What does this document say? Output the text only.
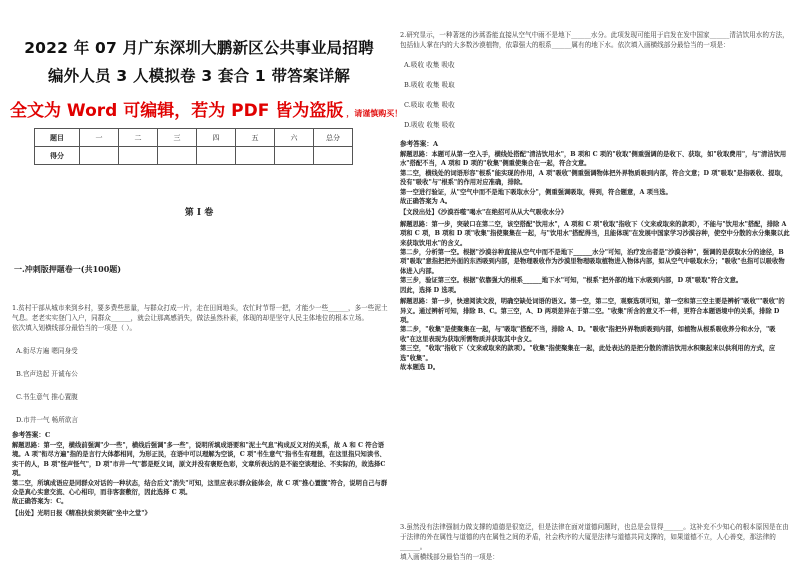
2022 年 07 月广东深圳大鹏新区公共事业局招聘
编外人员 3 人模拟卷 3 套合 1 带答案详解
全文为 Word 可编辑，若为 PDF 皆为盗版 ，请谨慎购买！
题目	一	二	三	四	五	六	总分
得分							
第 I 卷
一.冲刺版押题卷一(共100题)
1.贫村干部从城市来到乡村，要多费些思量，与群众打成一片，走在田间地头，农忙时节帮一把，才能少一些______，多一些泥土气息。老老实实登门入户，同群众______，就会让那离感消失，做法虽然朴素，体现的却是坚守人民主体地位的根本立场。
依次填入划横线部分最恰当的一项是（ ）。
A.衔尽方遍 嗯同身受
B.官声迭起 开诚布公
C.书生意气 推心置腹
D.市井一气 畅所欲言
参考答案：C
解题思路：第一空，横线前强调"少一些"，横线后强调"多一些"，说明所填成语要和"泥土气息"构成反义对的关系，故 A 和 C 符合语境。A 项"衔尽方遍"指的是言行大体都相同，为形正民，在语中可以理解为空谈，C 项"书生意气"指书生有理想，在这里指只知读书、实干的人，B 项"怪声怪气"，D 项"市井一气"都是贬义词，原文并没有褒贬色彩，文章所表达的是不能空谈理论、不实际的，故选择C项。
第二空，所填成语应是同群众对话的一种状态，结合后文"消失"可知，这里应表示群众能体会，故 C 项"推心置腹"符合，说明自己与群众是真心实意交流、心心相印，而非客套敷衍，因此选择 C 项。
故正确答案为：C。
【出处】光明日报《精准扶贫须突破"坐中之堂"》
2.研究显示，一种著迷的沙蒿香能直接从空气中雨不是地下______水分。此项发现可能用于启发在发中国家______清洁饮用水的方法，包括仙人掌在内的大多数沙漠植物，依靠强大的根系______属有的地下水。依次填入画横线部分最恰当的一项是：
A.吸收 收集 吸收
B.吸收 收集 吸取
C.吸取 收集 吸收
D.吸收 收集 吸收
参考答案：A
解题思路：本题可从第一空入手，横线处搭配"清洁饮用水"，B 项和 C 项的"收取"侧重强调的是收下、获取，如"收取费用"，与"清洁饮用水"搭配不当，A 项和 D 项的"收集"侧重使集合在一起，符合文意。
第二空，横线处的词语形容"根系"能实现的作用，A 项"吸收"侧重强调物体把外界物质吸到内部，符合文意；D 项"吸取"是指吸收、提取，没有"吸收"与"根系"的作用对应准确，排除。
第一空进行验证，从"空气中而不是地下吸取水分"，侧重强调吸取，得到，符合题意，A 项当选。
故正确答案为 A。
【文段出处】《沙漠吞噬"喝水"在绝招可从从大气吸收水分》
解题思路：第一步，突破口在第二空，该空搭配"饮用水"，A 项和 C 项"收取"指收下（文来或取来的款项），不能与"饮用水"搭配，排除 A 项和 C 项，B 项和 D 项"收集"指使聚集在一起，与"饮用水"搭配得当，且能体现"在发展中国家学习沙漠谷种，使空中分散的水分集聚以此来获取饮用水"的含义。
第二步，分析第一空。根据"沙漠谷种直接从空气中而不是地下______水分"可知，治疗发出者是"沙漠谷种"，强调的是获取水分的途径，B 项"吸取"意指把把外面的东西吸到内部，是物理吸收作为沙漠里物理吸取植物进入物体内部，如从空气中吸取水分；"吸收"也指可以吸收物体进入内部。
第三步，验证第三空。根据"依靠强大的根系______地下水"可知，"根系"把外部的地下水吸到内部，D 项"吸取"符合文意。
因此，选择 D 选项。
解题思路：第一步，快速阅读文段，明确空缺处词语的语义。第一空，第二空，观察选项可知，第一空和第三空主要是辨析"吸收""吸收"的异义。通过辨析可知，排除 B、C。第三空，A、D 两项差异在于第二空。"收集"所含的意义不一样，更符合本题语境中的关系，排除 D 项。
第二步，"收集"是使聚集在一起，与"吸取"搭配不当，排除 A、D。"吸收"指把外界物质吸到内部，如植物从根系吸收养分和水分，"吸收"在这里表现为获取所需物质并获取其中含义。
第三空，"收取"指收下（文来或取来的款项）。"收集"指使聚集在一起，此处表达的是把分散的清洁饮用水积聚起来以供利用的方式，应选"收集"。
故本题选 D。
3.虽然没有法律强制力做支撑的道德是很宽泛，但是法律在面对道德问题时，也总是会显得______。这补充不少知心的根本原因是在由于法律的外在属性与道德的内在属性之间的矛盾，社会秩序的大厦是法律与道德共同支撑的，如果道德不立，人心善变，那法律的______。
填入画横线部分最恰当的一项是：
